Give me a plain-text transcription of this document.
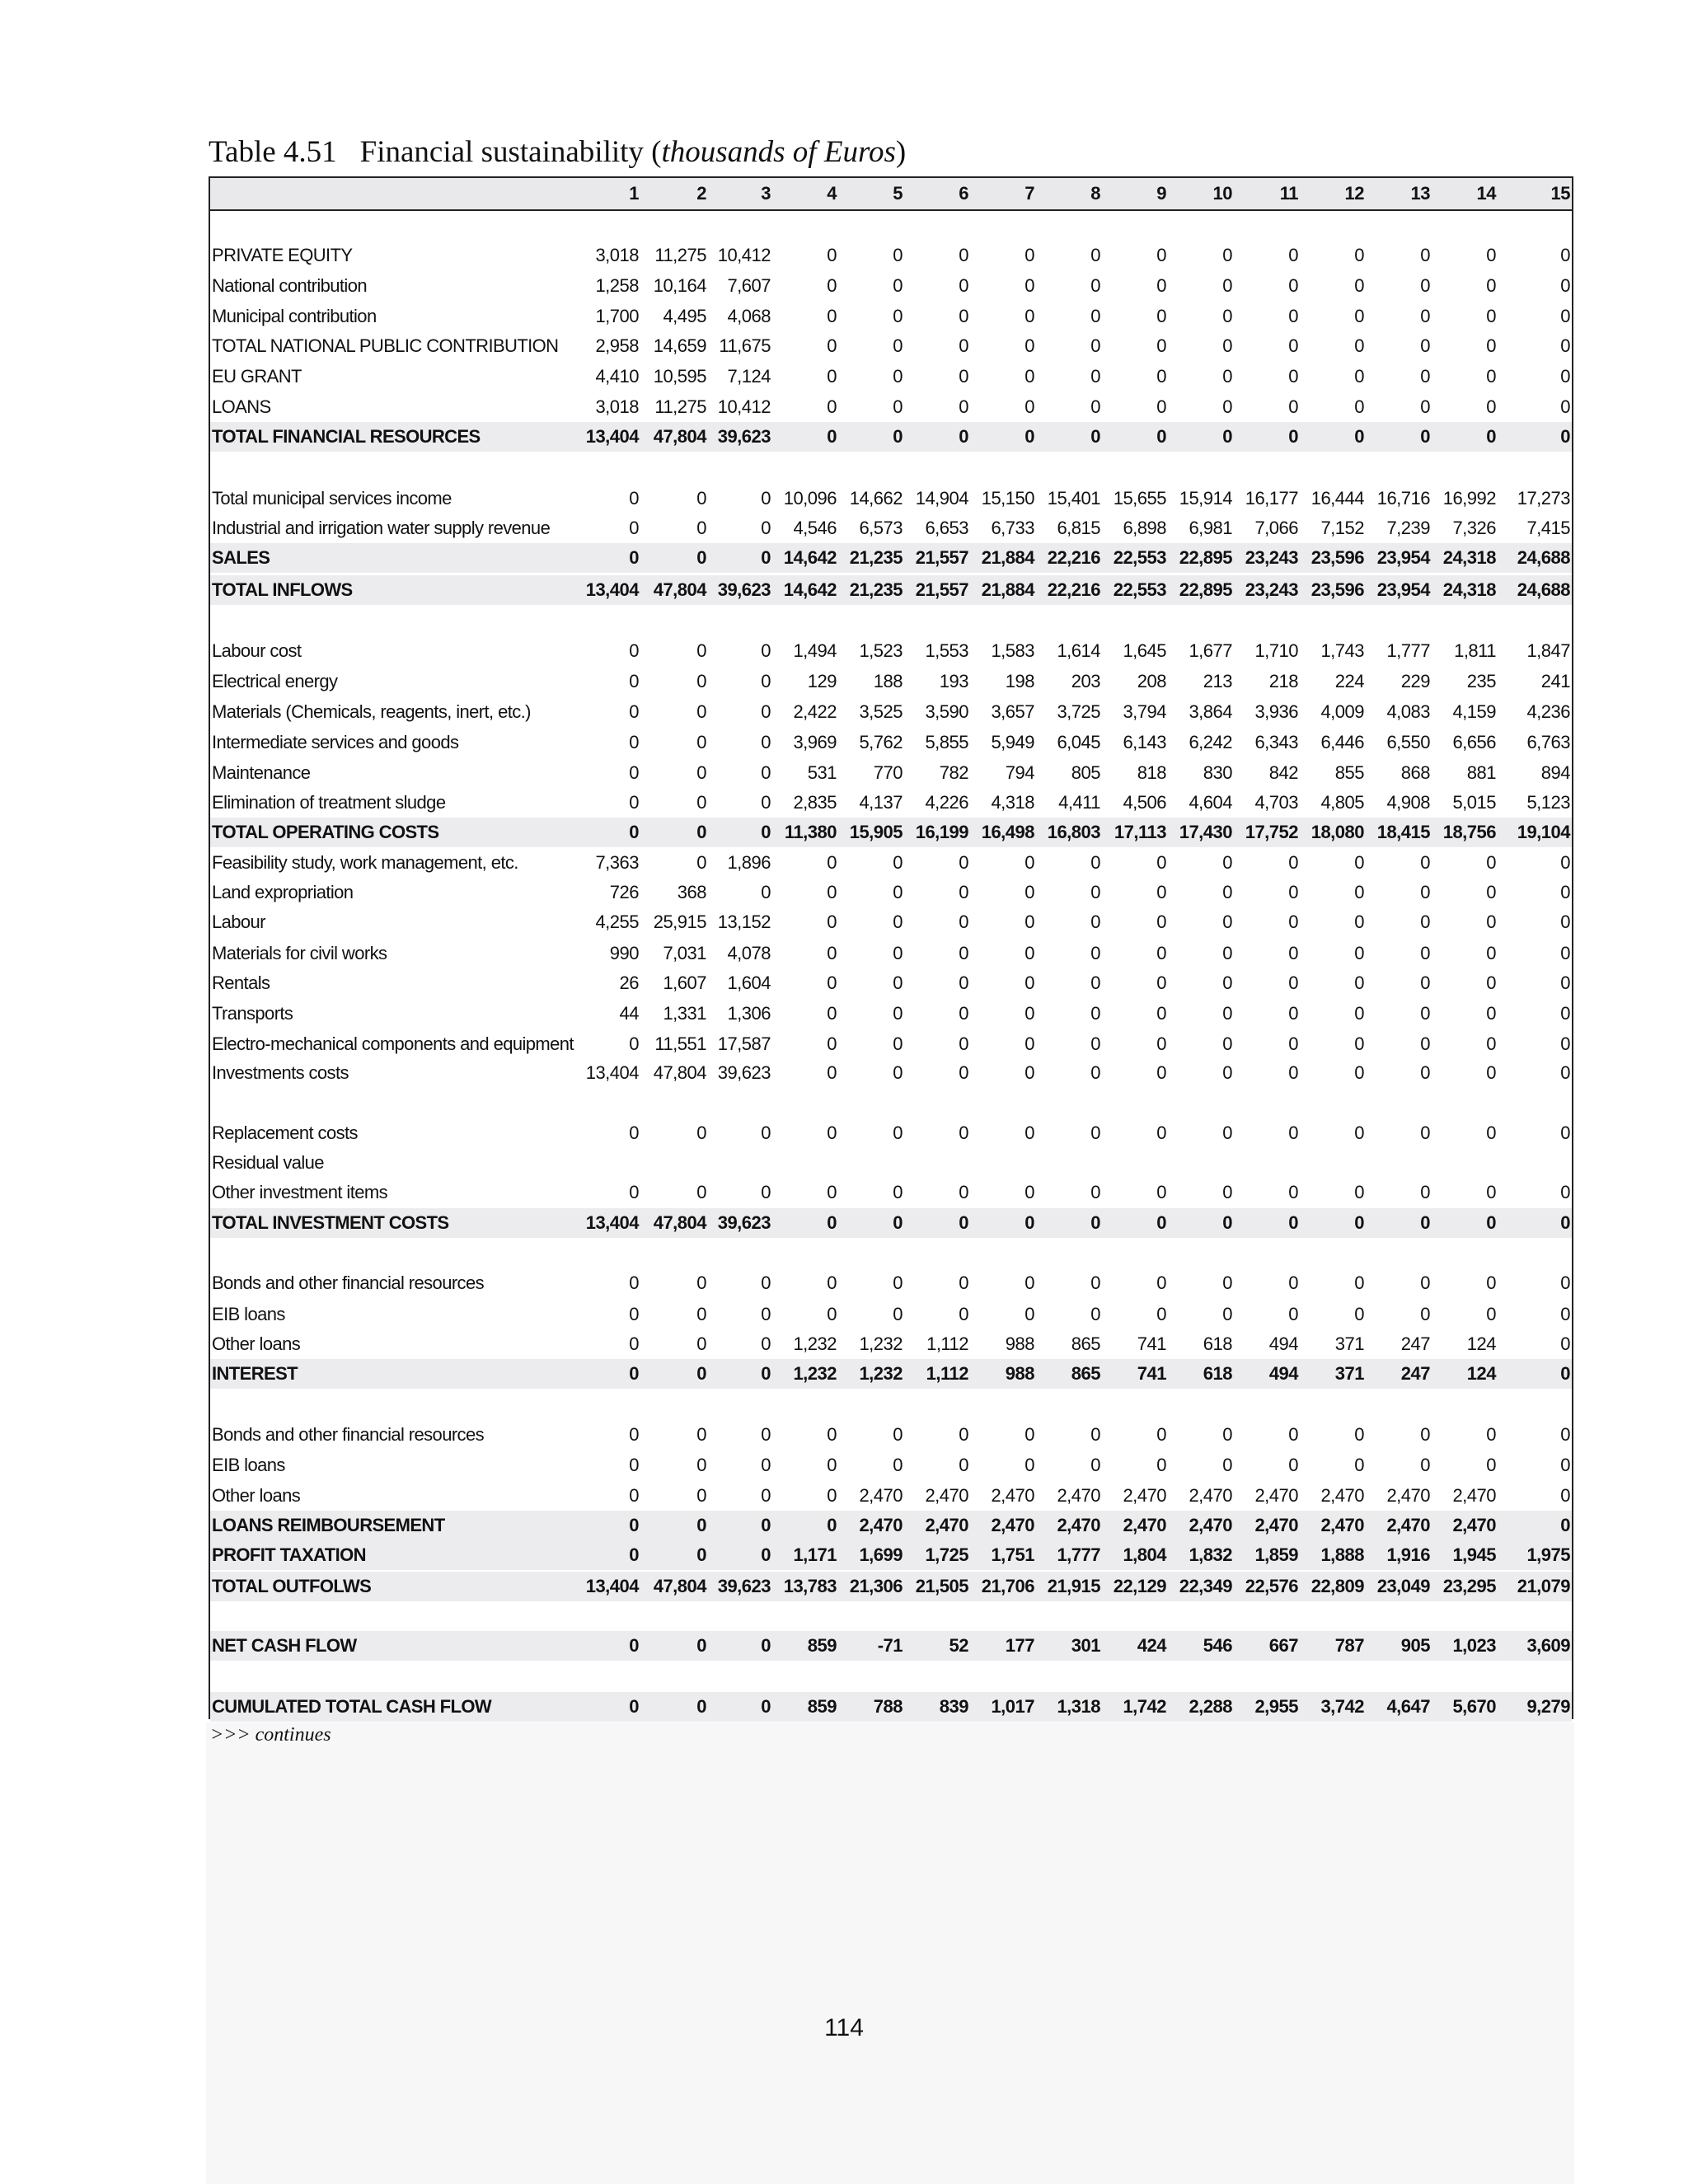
Table 4.51 Financial sustainability (thousands of Euros)
1	2	3	4	5	6	7	8	9	10	11	12	13	14	15
PRIVATE EQUITY	3,018 11,275 10,412	0	0	0	0	0	0	0	0	0	0	0	0
National contribution	1,258 10,164	7,607	0	0	0	0	0	0	0	0	0	0	0	0
Municipal contribution	1,700	4,495	4,068	0	0	0	0	0	0	0	0	0	0	0	0
TOTAL NATIONAL PUBLIC CONTRIBUTION	2,958 14,659 11,675	0	0	0	0	0	0	0	0	0	0	0	0
EU GRANT	4,410 10,595	7,124	0	0	0	0	0	0	0	0	0	0	0	0
LOANS	3,018 11,275 10,412	0	0	0	0	0	0	0	0	0	0	0	0
TOTAL FINANCIAL RESOURCES	13,404 47,804 39,623	0	0	0	0	0	0	0	0	0	0	0	0
Total municipal services income	0	0	0 10,096 14,662 14,904 15,150 15,401 15,655 15,914 16,177 16,444 16,716 16,992	17,273
Industrial and irrigation water supply revenue	0	0	0	4,546	6,573	6,653	6,733	6,815	6,898	6,981	7,066	7,152	7,239	7,326	7,415
SALES	0	0	0 14,642 21,235 21,557 21,884 22,216 22,553 22,895 23,243 23,596 23,954 24,318	24,688
TOTAL INFLOWS	13,404 47,804 39,623 14,642 21,235 21,557 21,884 22,216 22,553 22,895 23,243 23,596 23,954 24,318	24,688
Labour cost	0	0	0	1,494	1,523	1,553	1,583	1,614	1,645	1,677	1,710	1,743	1,777	1,811	1,847
Electrical energy	0	0	0	129	188	193	198	203	208	213	218	224	229	235	241
Materials (Chemicals, reagents, inert, etc.)	0	0	0	2,422	3,525	3,590	3,657	3,725	3,794	3,864	3,936	4,009	4,083	4,159	4,236
Intermediate services and goods	0	0	0	3,969	5,762	5,855	5,949	6,045	6,143	6,242	6,343	6,446	6,550	6,656	6,763
Maintenance	0	0	0	531	770	782	794	805	818	830	842	855	868	881	894
Elimination of treatment sludge	0	0	0	2,835	4,137	4,226	4,318	4,411	4,506	4,604	4,703	4,805	4,908	5,015	5,123
TOTAL OPERATING COSTS	0	0	0 11,380 15,905 16,199 16,498 16,803 17,113 17,430 17,752 18,080 18,415 18,756	19,104
Feasibility study, work management, etc.	7,363	0	1,896	0	0	0	0	0	0	0	0	0	0	0	0
Land expropriation	726	368	0	0	0	0	0	0	0	0	0	0	0	0	0
Labour	4,255 25,915 13,152	0	0	0	0	0	0	0	0	0	0	0	0
Materials for civil works	990	7,031	4,078	0	0	0	0	0	0	0	0	0	0	0	0
Rentals	26	1,607	1,604	0	0	0	0	0	0	0	0	0	0	0	0
Transports	44	1,331	1,306	0	0	0	0	0	0	0	0	0	0	0	0
Electro-mechanical components and equipment	0 11,551 17,587	0	0	0	0	0	0	0	0	0	0	0	0
Investments costs	13,404 47,804 39,623	0	0	0	0	0	0	0	0	0	0	0	0
Replacement costs	0	0	0	0	0	0	0	0	0	0	0	0	0	0	0
Residual value
Other investment items	0	0	0	0	0	0	0	0	0	0	0	0	0	0	0
TOTAL INVESTMENT COSTS	13,404 47,804 39,623	0	0	0	0	0	0	0	0	0	0	0	0
Bonds and other financial resources	0	0	0	0	0	0	0	0	0	0	0	0	0	0	0
EIB loans	0	0	0	0	0	0	0	0	0	0	0	0	0	0	0
Other loans	0	0	0	1,232	1,232	1,112	988	865	741	618	494	371	247	124	0
INTEREST	0	0	0	1,232	1,232	1,112	988	865	741	618	494	371	247	124	0
Bonds and other financial resources	0	0	0	0	0	0	0	0	0	0	0	0	0	0	0
EIB loans	0	0	0	0	0	0	0	0	0	0	0	0	0	0	0
Other loans	0	0	0	0	2,470	2,470	2,470	2,470	2,470	2,470	2,470	2,470	2,470	2,470	0
LOANS REIMBOURSEMENT	0	0	0	0	2,470	2,470	2,470	2,470	2,470	2,470	2,470	2,470	2,470	2,470	0
PROFIT TAXATION	0	0	0	1,171	1,699	1,725	1,751	1,777	1,804	1,832	1,859	1,888	1,916	1,945	1,975
TOTAL OUTFOLWS	13,404 47,804 39,623 13,783 21,306 21,505 21,706 21,915 22,129 22,349 22,576 22,809 23,049 23,295	21,079
NET CASH FLOW	0	0	0	859	-71	52	177	301	424	546	667	787	905	1,023	3,609
CUMULATED TOTAL CASH FLOW	0	0	0	859	788	839	1,017	1,318	1,742	2,288	2,955	3,742	4,647	5,670	9,279
>>> continues
114
